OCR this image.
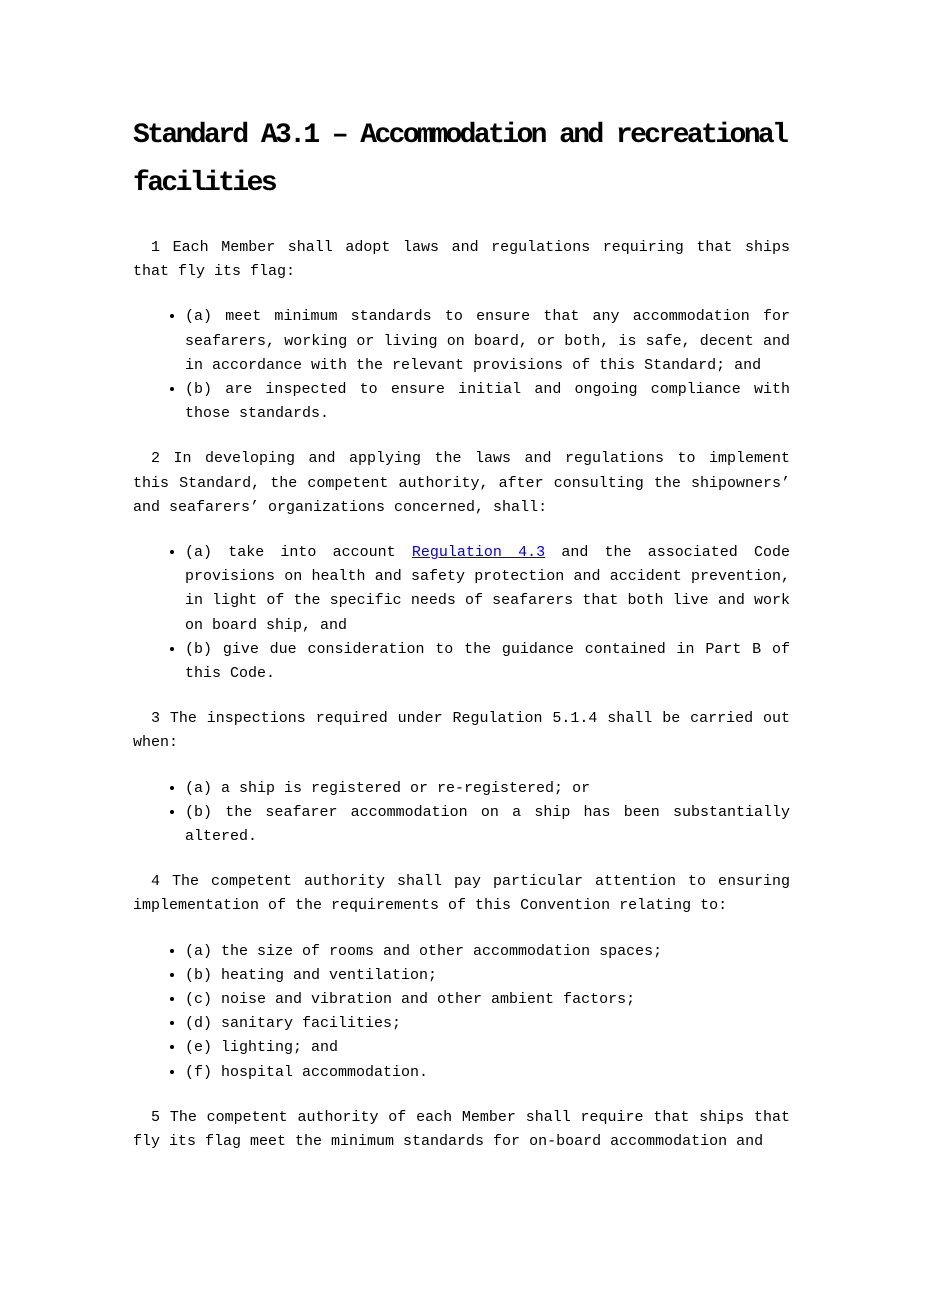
Standard A3.1 – Accommodation and recreational
facilities

1 Each Member shall adopt laws and regulations requiring that ships that fly its flag:

• (a) meet minimum standards to ensure that any accommodation for seafarers, working or living on board, or both, is safe, decent and in accordance with the relevant provisions of this Standard; and
• (b) are inspected to ensure initial and ongoing compliance with those standards.

2 In developing and applying the laws and regulations to implement this Standard, the competent authority, after consulting the shipowners’ and seafarers’ organizations concerned, shall:

• (a) take into account Regulation 4.3 and the associated Code provisions on health and safety protection and accident prevention, in light of the specific needs of seafarers that both live and work on board ship, and
• (b) give due consideration to the guidance contained in Part B of this Code.

3 The inspections required under Regulation 5.1.4 shall be carried out when:

• (a) a ship is registered or re-registered; or
• (b) the seafarer accommodation on a ship has been substantially altered.

4 The competent authority shall pay particular attention to ensuring implementation of the requirements of this Convention relating to:

• (a) the size of rooms and other accommodation spaces;
• (b) heating and ventilation;
• (c) noise and vibration and other ambient factors;
• (d) sanitary facilities;
• (e) lighting; and
• (f) hospital accommodation.

5 The competent authority of each Member shall require that ships that fly its flag meet the minimum standards for on-board accommodation and
